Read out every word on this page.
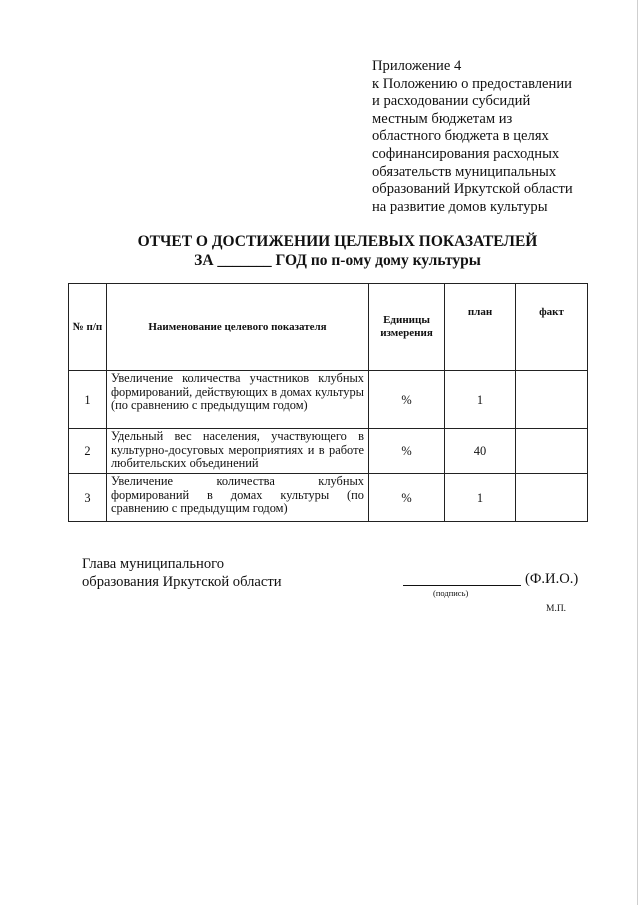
Приложение 4
к Положению о предоставлении
и расходовании субсидий
местным бюджетам из
областного бюджета в целях
софинансирования расходных
обязательств муниципальных
образований Иркутской области
на развитие домов культуры
ОТЧЕТ О ДОСТИЖЕНИИ ЦЕЛЕВЫХ ПОКАЗАТЕЛЕЙ
ЗА _______ ГОД по п-ому дому культуры
№ п/п	Наименование целевого показателя	Единицы измерения	план	факт
1	Увеличение количества участников клубных формирований, действующих в домах культуры (по сравнению с предыдущим годом)	%	1	
2	Удельный вес населения, участвующего в культурно-досуговых мероприятиях и в работе любительских объединений	%	40	
3	Увеличение количества клубных формирований в домах культуры (по сравнению с предыдущим годом)	%	1	
Глава муниципального
образования Иркутской области	(Ф.И.О.)
(подпись)
М.П.
